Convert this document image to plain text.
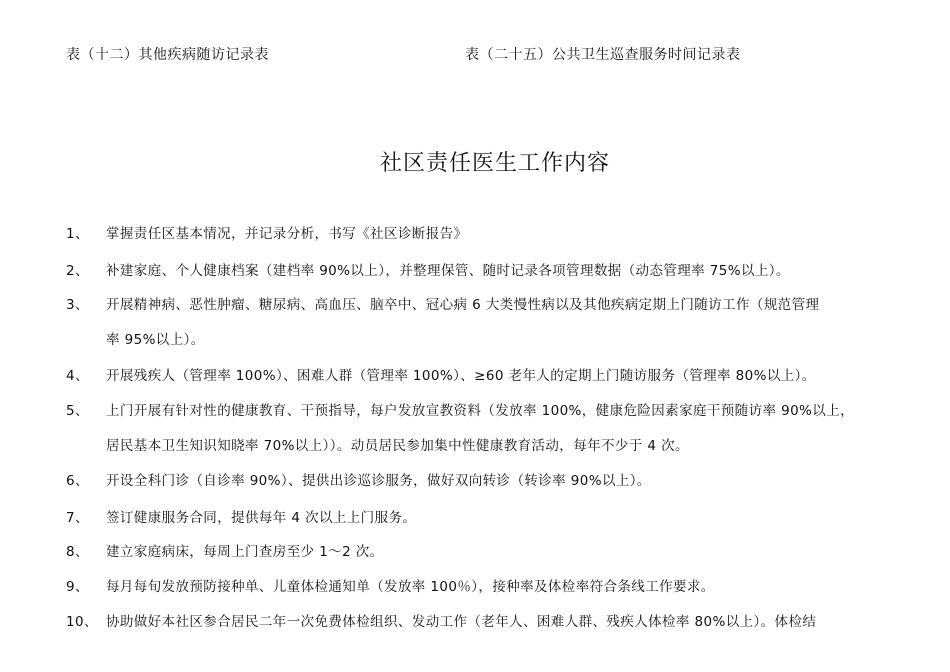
表（十二）其他疾病随访记录表	表（二十五）公共卫生巡查服务时间记录表
社区责任医生工作内容
1、 掌握责任区基本情况，并记录分析，书写《社区诊断报告》
2、 补建家庭、个人健康档案（建档率 90%以上），并整理保管、随时记录各项管理数据（动态管理率 75%以上）。
3、 开展精神病、恶性肿瘤、糖尿病、高血压、脑卒中、冠心病 6 大类慢性病以及其他疾病定期上门随访工作（规范管理
率 95%以上）。
4、 开展残疾人（管理率 100%）、困难人群（管理率 100%）、≥60 老年人的定期上门随访服务（管理率 80%以上）。
5、 上门开展有针对性的健康教育、干预指导，每户发放宣教资料（发放率 100%，健康危险因素家庭干预随访率 90%以上，
居民基本卫生知识知晓率 70%以上））。动员居民参加集中性健康教育活动，每年不少于 4 次。
6、 开设全科门诊（自诊率 90%）、提供出诊巡诊服务，做好双向转诊（转诊率 90%以上）。
7、 签订健康服务合同，提供每年 4 次以上上门服务。
8、 建立家庭病床，每周上门查房至少 1～2 次。
9、 每月每旬发放预防接种单、儿童体检通知单（发放率 100％），接种率及体检率符合条线工作要求。
10、 协助做好本社区参合居民二年一次免费体检组织、发动工作（老年人、困难人群、残疾人体检率 80%以上）。体检结
